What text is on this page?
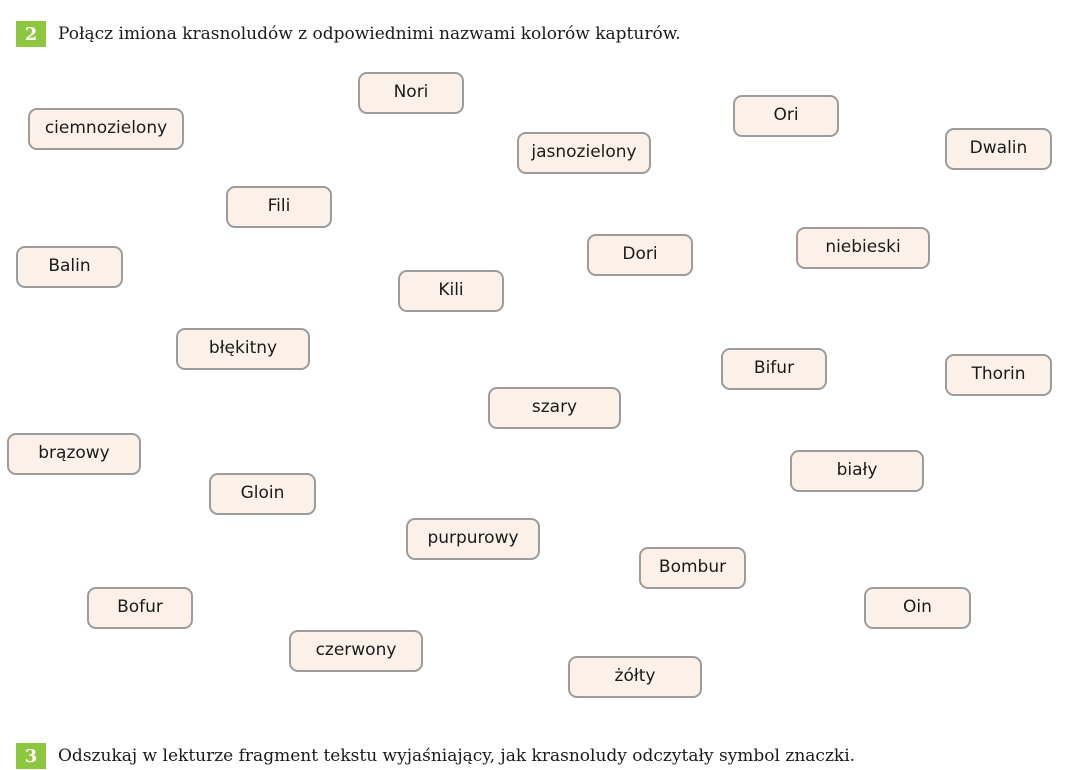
2	Połącz imiona krasnoludów z odpowiednimi nazwami kolorów kapturów.
Nori
ciemnozielony
Ori
jasnozielony	Dwalin
Fili
Balin
Dori	niebieski
Kili
błękitny
Bifur	Thorin
szary
brązowy
biały
Gloin
purpurowy
Bombur
Bofur	Oin
czerwony
żółty
3	Odszukaj w lekturze fragment tekstu wyjaśniający, jak krasnoludy odczytały symbol znaczki.
